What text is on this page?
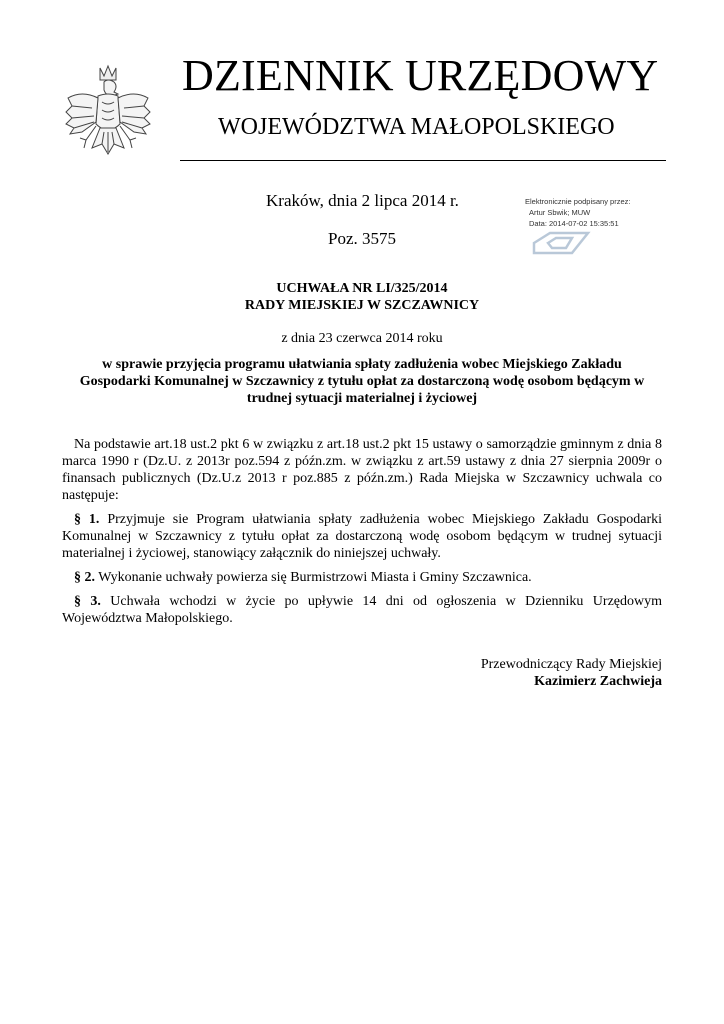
DZIENNIK URZĘDOWY
WOJEWÓDZTWA MAŁOPOLSKIEGO
Kraków, dnia 2 lipca 2014 r.
Poz. 3575
Elektronicznie podpisany przez:
Artur Sbwik; MUW
Data: 2014-07-02 15:35:51
UCHWAŁA NR LI/325/2014
RADY MIEJSKIEJ W SZCZAWNICY
z dnia 23 czerwca 2014 roku
w sprawie przyjęcia programu ułatwiania spłaty zadłużenia wobec Miejskiego Zakładu Gospodarki Komunalnej w Szczawnicy z tytułu opłat za dostarczoną wodę osobom będącym w trudnej sytuacji materialnej i życiowej

Na podstawie art.18 ust.2 pkt 6 w związku z art.18 ust.2 pkt 15 ustawy o samorządzie gminnym z dnia 8 marca 1990 r (Dz.U. z 2013r poz.594 z późn.zm. w związku z art.59 ustawy z dnia 27 sierpnia 2009r o finansach publicznych (Dz.U.z 2013 r poz.885 z późn.zm.) Rada Miejska w Szczawnicy uchwala co następuje:

§ 1. Przyjmuje sie Program ułatwiania spłaty zadłużenia wobec Miejskiego Zakładu Gospodarki Komunalnej w Szczawnicy z tytułu opłat za dostarczoną wodę osobom będącym w trudnej sytuacji materialnej i życiowej, stanowiący załącznik do niniejszej uchwały.

§ 2. Wykonanie uchwały powierza się Burmistrzowi Miasta i Gminy Szczawnica.

§ 3. Uchwała wchodzi w życie po upływie 14 dni od ogłoszenia w Dzienniku Urzędowym Województwa Małopolskiego.

Przewodniczący Rady Miejskiej
Kazimierz Zachwieja
